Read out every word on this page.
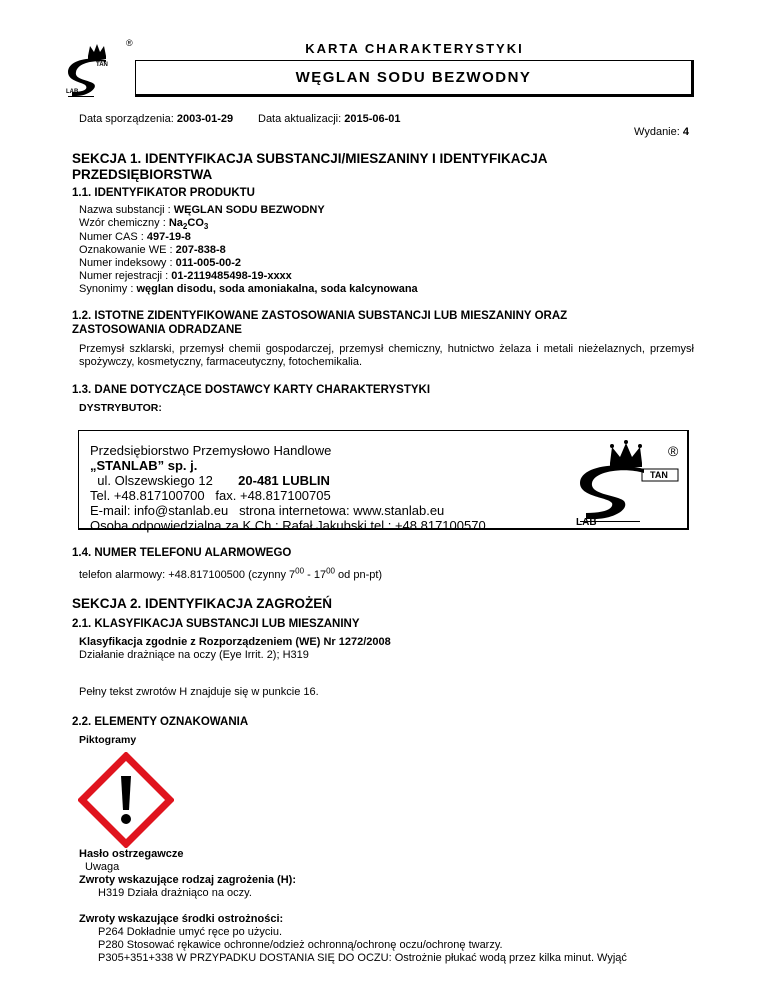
TAN
LAB
®	KARTA CHARAKTERYSTYKI
WĘGLAN SODU BEZWODNY
Data sporządzenia: 2003-01-29 Data aktualizacji: 2015-06-01
Wydanie: 4
SEKCJA 1. IDENTYFIKACJA SUBSTANCJI/MIESZANINY I IDENTYFIKACJA PRZEDSIĘBIORSTWA
1.1. IDENTYFIKATOR PRODUKTU
Nazwa substancji : WĘGLAN SODU BEZWODNY
Wzór chemiczny : $Na_2CO_3$
Numer CAS : 497-19-8
Oznakowanie WE : 207-838-8
Numer indeksowy : 011-005-00-2
Numer rejestracji : 01-2119485498-19-xxxx
Synonimy : węglan disodu, soda amoniakalna, soda kalcynowana
1.2. ISTOTNE ZIDENTYFIKOWANE ZASTOSOWANIA SUBSTANCJI LUB MIESZANINY ORAZ ZASTOSOWANIA ODRADZANE
Przemysł szklarski, przemysł chemii gospodarczej, przemysł chemiczny, hutnictwo żelaza i metali nieżelaznych, przemysł spożywczy, kosmetyczny, farmaceutyczny, fotochemikalia.
1.3. DANE DOTYCZĄCE DOSTAWCY KARTY CHARAKTERYSTYKI
DYSTRYBUTOR:
Przedsiębiorstwo Przemysłowo Handlowe
„STANLAB” sp. j.
ul. Olszewskiego 12 20-481 LUBLIN
Tel. +48.817100700 fax. +48.817100705
E-mail: info@stanlab.eu strona internetowa: www.stanlab.eu
Osoba odpowiedzialna za K.Ch.: Rafał Jakubski tel.: +48.817100570
TAN
LAB
®
1.4. NUMER TELEFONU ALARMOWEGO
telefon alarmowy: +48.817100500 (czynny $7^{00} - 17^{00}$ od pn-pt)
SEKCJA 2. IDENTYFIKACJA ZAGROŻEŃ
2.1. KLASYFIKACJA SUBSTANCJI LUB MIESZANINY
Klasyfikacja zgodnie z Rozporządzeniem (WE) Nr 1272/2008
Działanie drażniące na oczy (Eye Irrit. 2); H319
Pełny tekst zwrotów H znajduje się w punkcie 16.
2.2. ELEMENTY OZNAKOWANIA
Piktogramy
Hasło ostrzegawcze
Uwaga
Zwroty wskazujące rodzaj zagrożenia (H):
H319 Działa drażniąco na oczy.
Zwroty wskazujące środki ostrożności:
P264 Dokładnie umyć ręce po użyciu.
P280 Stosować rękawice ochronne/odzież ochronną/ochronę oczu/ochronę twarzy.
P305+351+338 W PRZYPADKU DOSTANIA SIĘ DO OCZU: Ostrożnie płukać wodą przez kilka minut. Wyjąć
